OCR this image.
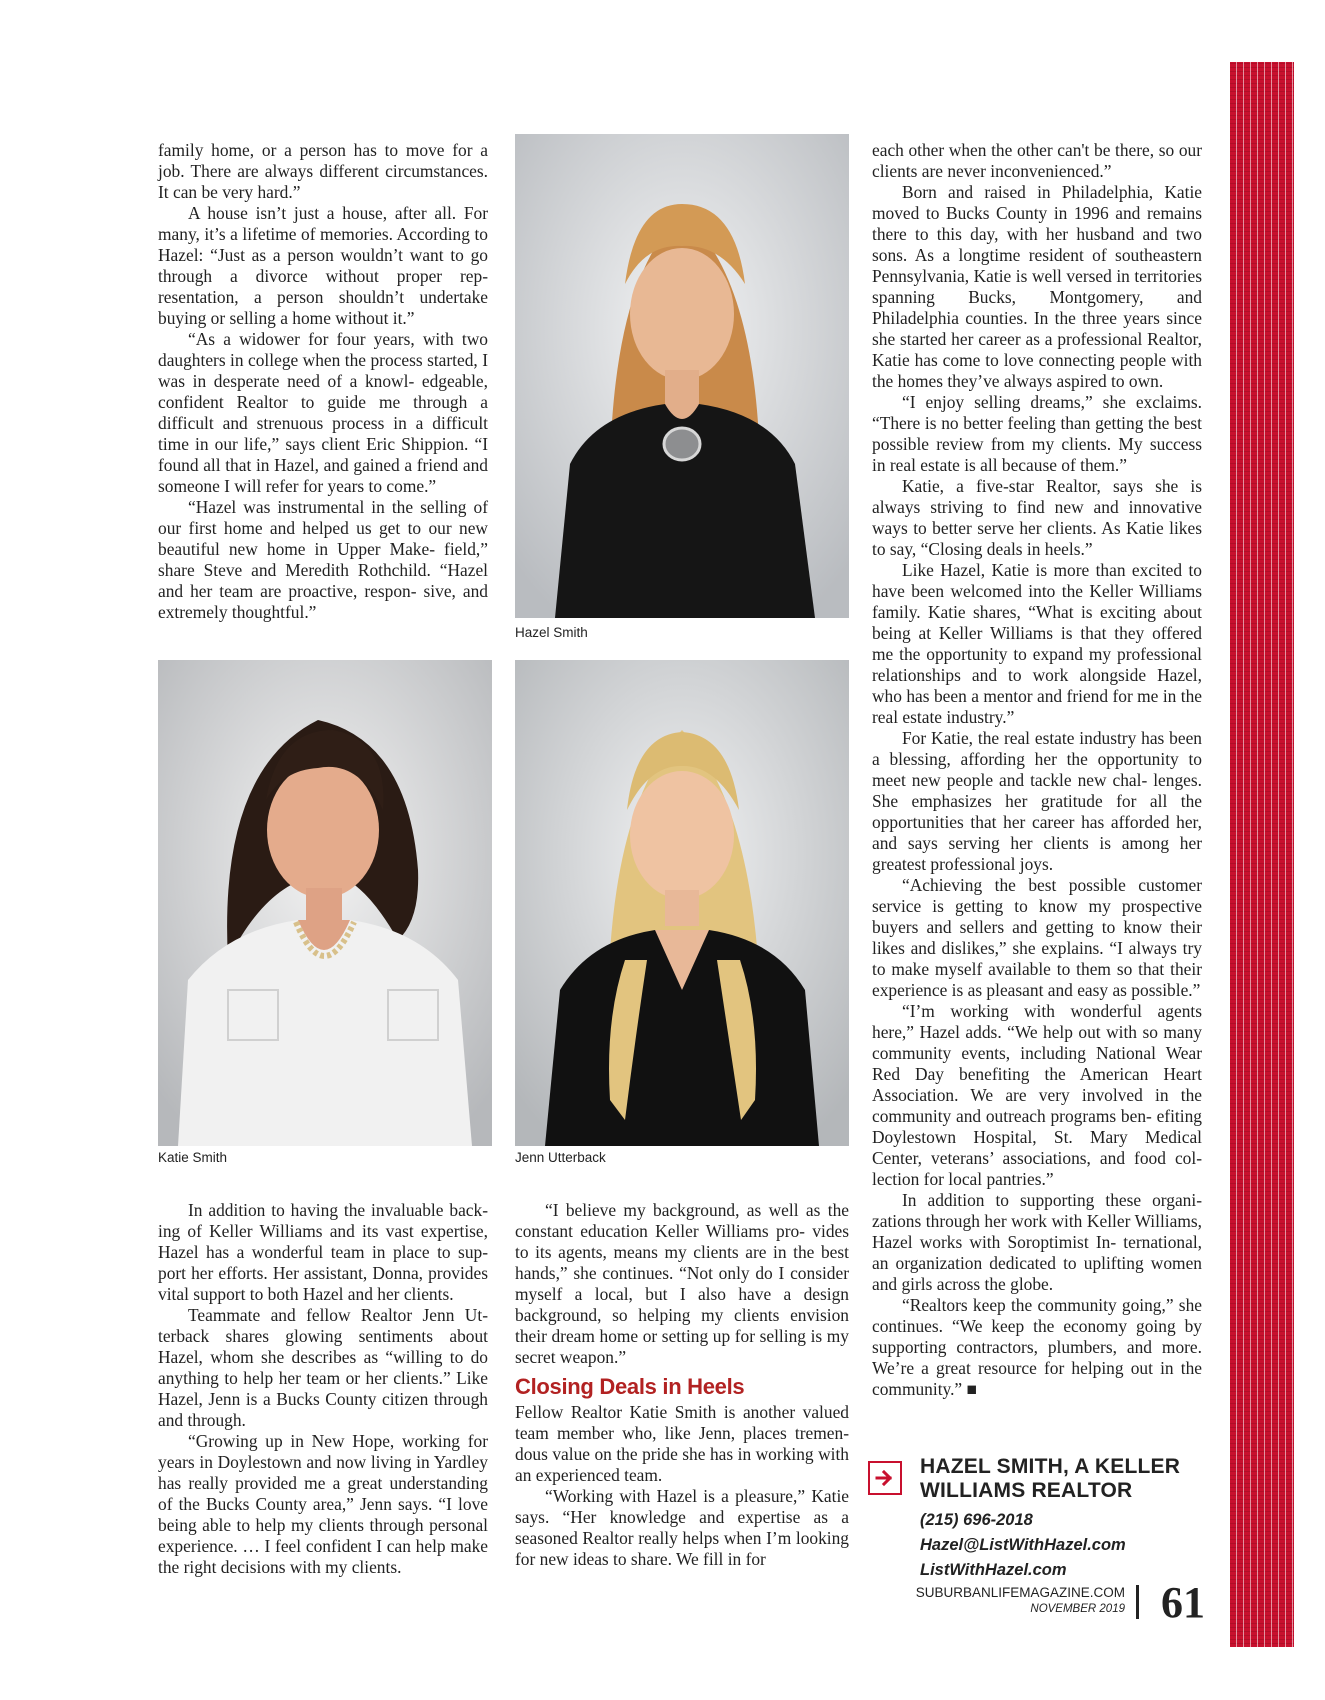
family home, or a person has to move for a job. There are always different circumstances. It can be very hard.”

A house isn’t just a house, after all. For many, it’s a lifetime of memories. According to Hazel: “Just as a person wouldn’t want to go through a divorce without proper rep- resentation, a person shouldn’t undertake buying or selling a home without it.”

“As a widower for four years, with two daughters in college when the process started, I was in desperate need of a knowl- edgeable, confident Realtor to guide me through a difficult and strenuous process in a difficult time in our life,” says client Eric Shippion. “I found all that in Hazel, and gained a friend and someone I will refer for years to come.”

“Hazel was instrumental in the selling of our first home and helped us get to our new beautiful new home in Upper Make- field,” share Steve and Meredith Rothchild. “Hazel and her team are proactive, respon- sive, and extremely thoughtful.”

Hazel Smith
Katie Smith	Jenn Utterback

In addition to having the invaluable back- ing of Keller Williams and its vast expertise, Hazel has a wonderful team in place to sup- port her efforts. Her assistant, Donna, provides vital support to both Hazel and her clients.

Teammate and fellow Realtor Jenn Ut- terback shares glowing sentiments about Hazel, whom she describes as “willing to do anything to help her team or her clients.” Like Hazel, Jenn is a Bucks County citizen through and through.

“Growing up in New Hope, working for years in Doylestown and now living in Yardley has really provided me a great understanding of the Bucks County area,” Jenn says. “I love being able to help my clients through personal experience. … I feel confident I can help make the right decisions with my clients.

“I believe my background, as well as the constant education Keller Williams pro- vides to its agents, means my clients are in the best hands,” she continues. “Not only do I consider myself a local, but I also have a design background, so helping my clients envision their dream home or setting up for selling is my secret weapon.”

Closing Deals in Heels

Fellow Realtor Katie Smith is another valued team member who, like Jenn, places tremen- dous value on the pride she has in working with an experienced team.

“Working with Hazel is a pleasure,” Katie says. “Her knowledge and expertise as a seasoned Realtor really helps when I’m looking for new ideas to share. We fill in for

each other when the other can't be there, so our clients are never inconvenienced.”

Born and raised in Philadelphia, Katie moved to Bucks County in 1996 and remains there to this day, with her husband and two sons. As a longtime resident of southeastern Pennsylvania, Katie is well versed in territories spanning Bucks, Montgomery, and Philadelphia counties. In the three years since she started her career as a professional Realtor, Katie has come to love connecting people with the homes they’ve always aspired to own.

“I enjoy selling dreams,” she exclaims. “There is no better feeling than getting the best possible review from my clients. My success in real estate is all because of them.”

Katie, a five-star Realtor, says she is always striving to find new and innovative ways to better serve her clients. As Katie likes to say, “Closing deals in heels.”

Like Hazel, Katie is more than excited to have been welcomed into the Keller Williams family. Katie shares, “What is exciting about being at Keller Williams is that they offered me the opportunity to expand my professional relationships and to work alongside Hazel, who has been a mentor and friend for me in the real estate industry.”

For Katie, the real estate industry has been a blessing, affording her the opportunity to meet new people and tackle new chal- lenges. She emphasizes her gratitude for all the opportunities that her career has afforded her, and says serving her clients is among her greatest professional joys.

“Achieving the best possible customer service is getting to know my prospective buyers and sellers and getting to know their likes and dislikes,” she explains. “I always try to make myself available to them so that their experience is as pleasant and easy as possible.”

“I’m working with wonderful agents here,” Hazel adds. “We help out with so many community events, including National Wear Red Day benefiting the American Heart Association. We are very involved in the community and outreach programs ben- efiting Doylestown Hospital, St. Mary Medical Center, veterans’ associations, and food col- lection for local pantries.”

In addition to supporting these organi- zations through her work with Keller Williams, Hazel works with Soroptimist In- ternational, an organization dedicated to uplifting women and girls across the globe.

“Realtors keep the community going,” she continues. “We keep the economy going by supporting contractors, plumbers, and more. We’re a great resource for helping out in the community.” ■

HAZEL SMITH, A KELLER WILLIAMS REALTOR
(215) 696-2018
Hazel@ListWithHazel.com
ListWithHazel.com
SUBURBANLIFEMAGAZINE.COM
NOVEMBER 2019 61
